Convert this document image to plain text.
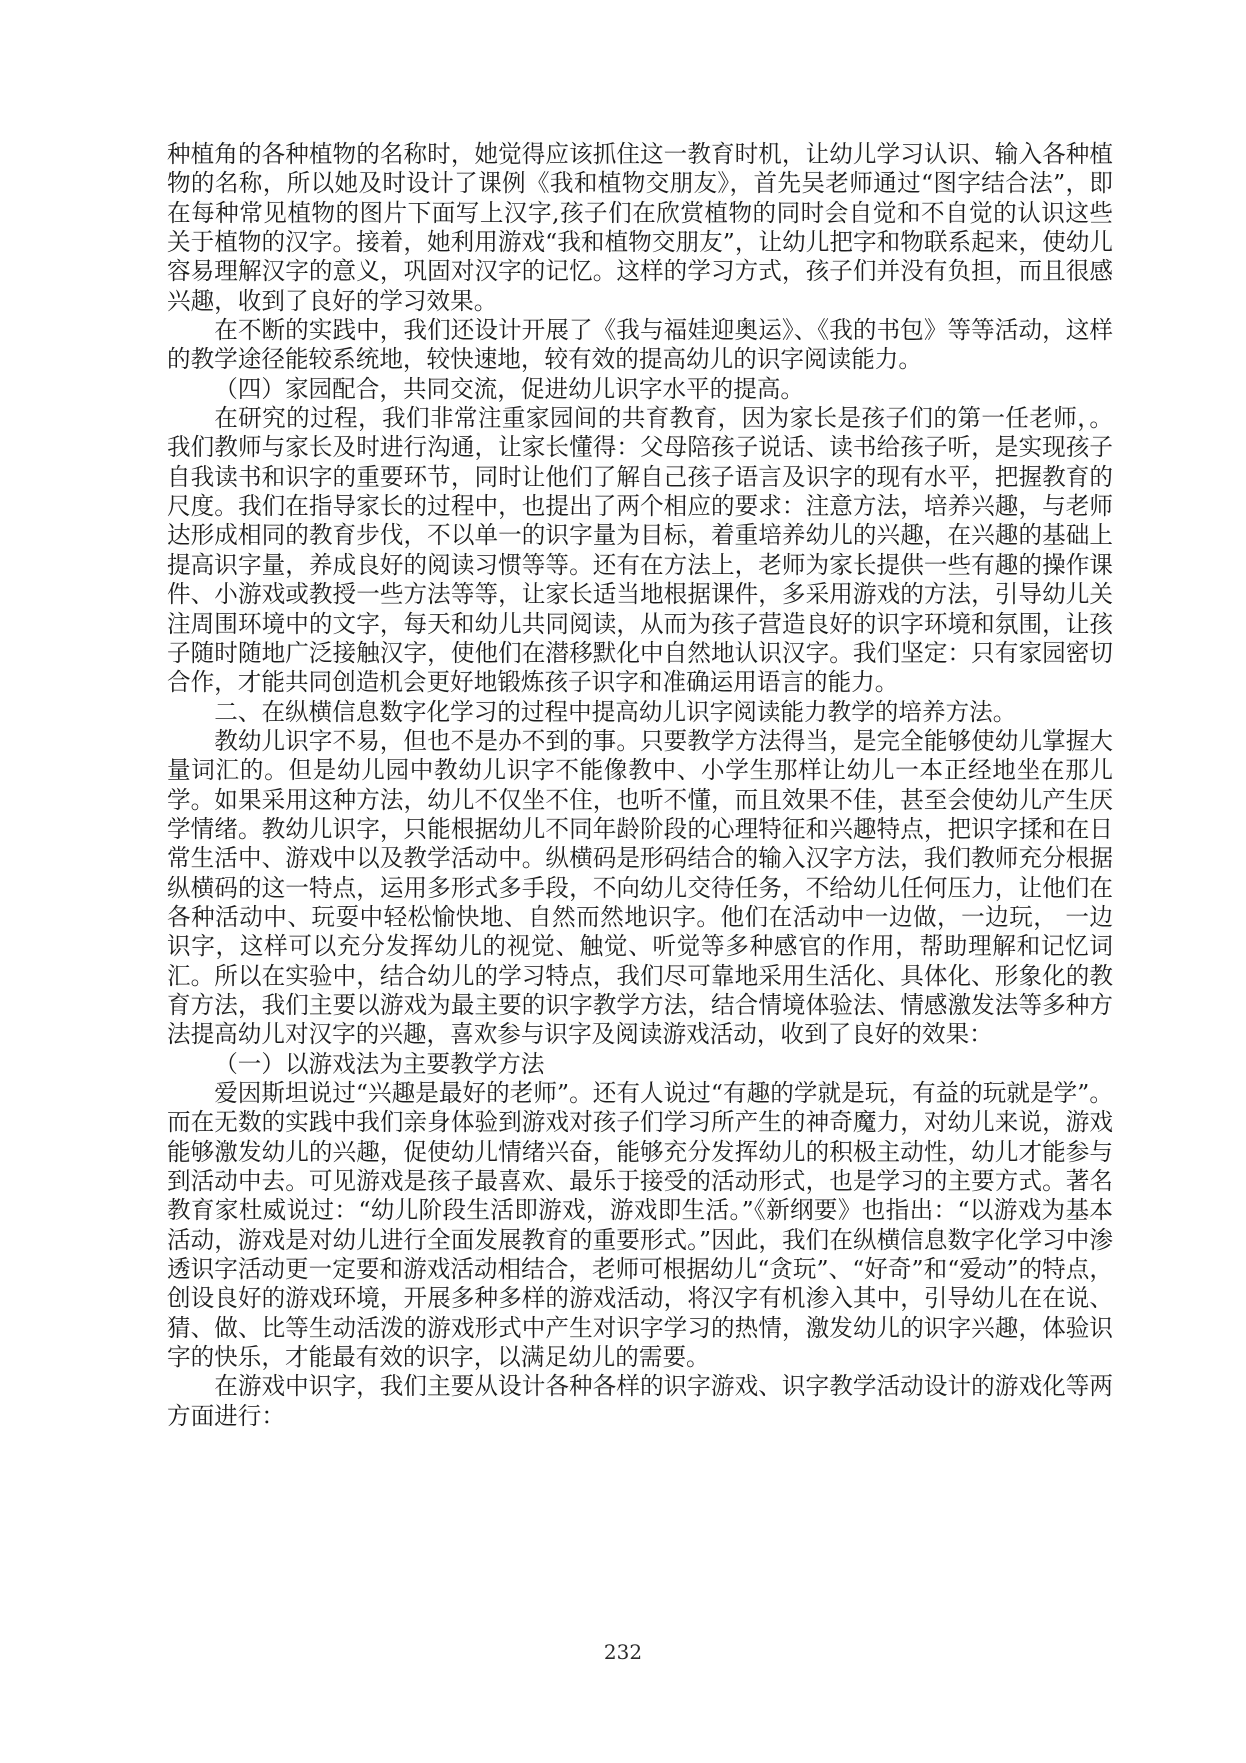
种植角的各种植物的名称时，她觉得应该抓住这一教育时机，让幼儿学习认识、输入各种植物的名称，所以她及时设计了课例《我和植物交朋友》，首先吴老师通过“图字结合法”，即在每种常见植物的图片下面写上汉字,孩子们在欣赏植物的同时会自觉和不自觉的认识这些关于植物的汉字。接着，她利用游戏“我和植物交朋友”，让幼儿把字和物联系起来，使幼儿容易理解汉字的意义，巩固对汉字的记忆。这样的学习方式，孩子们并没有负担，而且很感兴趣，收到了良好的学习效果。

在不断的实践中，我们还设计开展了《我与福娃迎奥运》、《我的书包》等等活动，这样的教学途径能较系统地，较快速地，较有效的提高幼儿的识字阅读能力。

（四）家园配合，共同交流，促进幼儿识字水平的提高。

在研究的过程，我们非常注重家园间的共育教育，因为家长是孩子们的第一任老师，。我们教师与家长及时进行沟通，让家长懂得：父母陪孩子说话、读书给孩子听，是实现孩子自我读书和识字的重要环节，同时让他们了解自己孩子语言及识字的现有水平，把握教育的尺度。我们在指导家长的过程中，也提出了两个相应的要求：注意方法，培养兴趣，与老师达形成相同的教育步伐，不以单一的识字量为目标，着重培养幼儿的兴趣，在兴趣的基础上提高识字量，养成良好的阅读习惯等等。还有在方法上，老师为家长提供一些有趣的操作课件、小游戏或教授一些方法等等，让家长适当地根据课件，多采用游戏的方法，引导幼儿关注周围环境中的文字，每天和幼儿共同阅读，从而为孩子营造良好的识字环境和氛围，让孩子随时随地广泛接触汉字，使他们在潜移默化中自然地认识汉字。我们坚定：只有家园密切合作，才能共同创造机会更好地锻炼孩子识字和准确运用语言的能力。

二、在纵横信息数字化学习的过程中提高幼儿识字阅读能力教学的培养方法。

教幼儿识字不易，但也不是办不到的事。只要教学方法得当，是完全能够使幼儿掌握大量词汇的。但是幼儿园中教幼儿识字不能像教中、小学生那样让幼儿一本正经地坐在那儿学。如果采用这种方法，幼儿不仅坐不住，也听不懂，而且效果不佳，甚至会使幼儿产生厌学情绪。教幼儿识字，只能根据幼儿不同年龄阶段的心理特征和兴趣特点，把识字揉和在日常生活中、游戏中以及教学活动中。纵横码是形码结合的输入汉字方法，我们教师充分根据纵横码的这一特点，运用多形式多手段，不向幼儿交待任务，不给幼儿任何压力，让他们在各种活动中、玩耍中轻松愉快地、自然而然地识字。他们在活动中一边做，一边玩， 一边识字，这样可以充分发挥幼儿的视觉、触觉、听觉等多种感官的作用，帮助理解和记忆词汇。所以在实验中，结合幼儿的学习特点，我们尽可靠地采用生活化、具体化、形象化的教育方法，我们主要以游戏为最主要的识字教学方法，结合情境体验法、情感激发法等多种方法提高幼儿对汉字的兴趣，喜欢参与识字及阅读游戏活动，收到了良好的效果：

（一）以游戏法为主要教学方法

爱因斯坦说过“兴趣是最好的老师”。还有人说过“有趣的学就是玩，有益的玩就是学”。而在无数的实践中我们亲身体验到游戏对孩子们学习所产生的神奇魔力，对幼儿来说，游戏能够激发幼儿的兴趣，促使幼儿情绪兴奋，能够充分发挥幼儿的积极主动性，幼儿才能参与到活动中去。可见游戏是孩子最喜欢、最乐于接受的活动形式，也是学习的主要方式。著名教育家杜威说过：“幼儿阶段生活即游戏，游戏即生活。”《新纲要》也指出：“以游戏为基本活动，游戏是对幼儿进行全面发展教育的重要形式。”因此，我们在纵横信息数字化学习中渗透识字活动更一定要和游戏活动相结合，老师可根据幼儿“贪玩”、“好奇”和“爱动”的特点，创设良好的游戏环境，开展多种多样的游戏活动，将汉字有机渗入其中，引导幼儿在在说、猜、做、比等生动活泼的游戏形式中产生对识字学习的热情，激发幼儿的识字兴趣，体验识字的快乐，才能最有效的识字，以满足幼儿的需要。

在游戏中识字，我们主要从设计各种各样的识字游戏、识字教学活动设计的游戏化等两方面进行：

232
